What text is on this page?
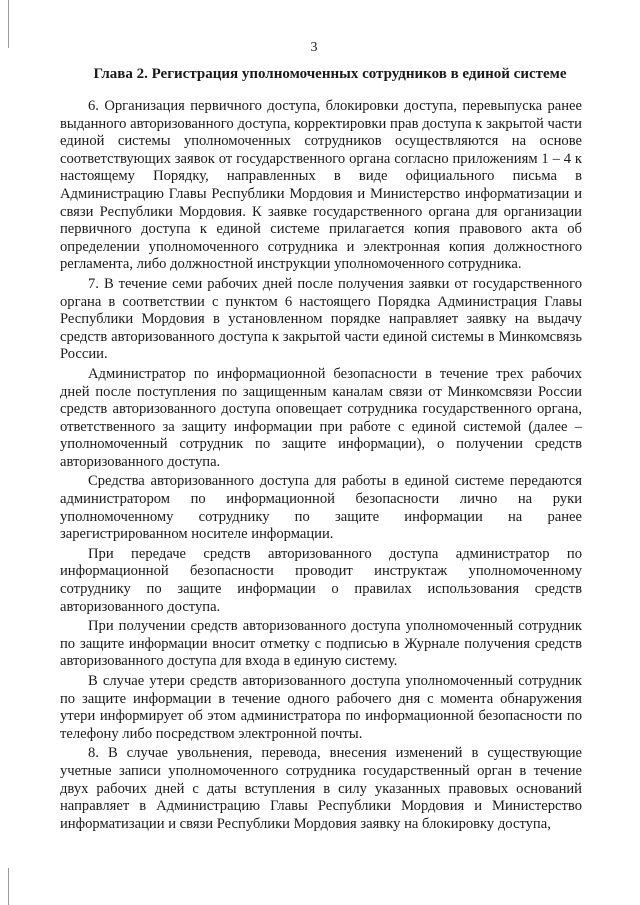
3
Глава 2. Регистрация уполномоченных сотрудников в единой системе

6. Организация первичного доступа, блокировки доступа, перевыпуска ранее выданного авторизованного доступа, корректировки прав доступа к закрытой части единой системы уполномоченных сотрудников осуществляются на основе соответствующих заявок от государственного органа согласно приложениям 1 – 4 к настоящему Порядку, направленных в виде официального письма в Администрацию Главы Республики Мордовия и Министерство информатизации и связи Республики Мордовия. К заявке государственного органа для организации первичного доступа к единой системе прилагается копия правового акта об определении уполномоченного сотрудника и электронная копия должностного регламента, либо должностной инструкции уполномоченного сотрудника.

7. В течение семи рабочих дней после получения заявки от государственного органа в соответствии с пунктом 6 настоящего Порядка Администрация Главы Республики Мордовия в установленном порядке направляет заявку на выдачу средств авторизованного доступа к закрытой части единой системы в Минкомсвязь России.

Администратор по информационной безопасности в течение трех рабочих дней после поступления по защищенным каналам связи от Минкомсвязи России средств авторизованного доступа оповещает сотрудника государственного органа, ответственного за защиту информации при работе с единой системой (далее – уполномоченный сотрудник по защите информации), о получении средств авторизованного доступа.

Средства авторизованного доступа для работы в единой системе передаются администратором по информационной безопасности лично на руки уполномоченному сотруднику по защите информации на ранее зарегистрированном носителе информации.

При передаче средств авторизованного доступа администратор по информационной безопасности проводит инструктаж уполномоченному сотруднику по защите информации о правилах использования средств авторизованного доступа.

При получении средств авторизованного доступа уполномоченный сотрудник по защите информации вносит отметку с подписью в Журнале получения средств авторизованного доступа для входа в единую систему.

В случае утери средств авторизованного доступа уполномоченный сотрудник по защите информации в течение одного рабочего дня с момента обнаружения утери информирует об этом администратора по информационной безопасности по телефону либо посредством электронной почты.

8. В случае увольнения, перевода, внесения изменений в существующие учетные записи уполномоченного сотрудника государственный орган в течение двух рабочих дней с даты вступления в силу указанных правовых оснований направляет в Администрацию Главы Республики Мордовия и Министерство информатизации и связи Республики Мордовия заявку на блокировку доступа,
